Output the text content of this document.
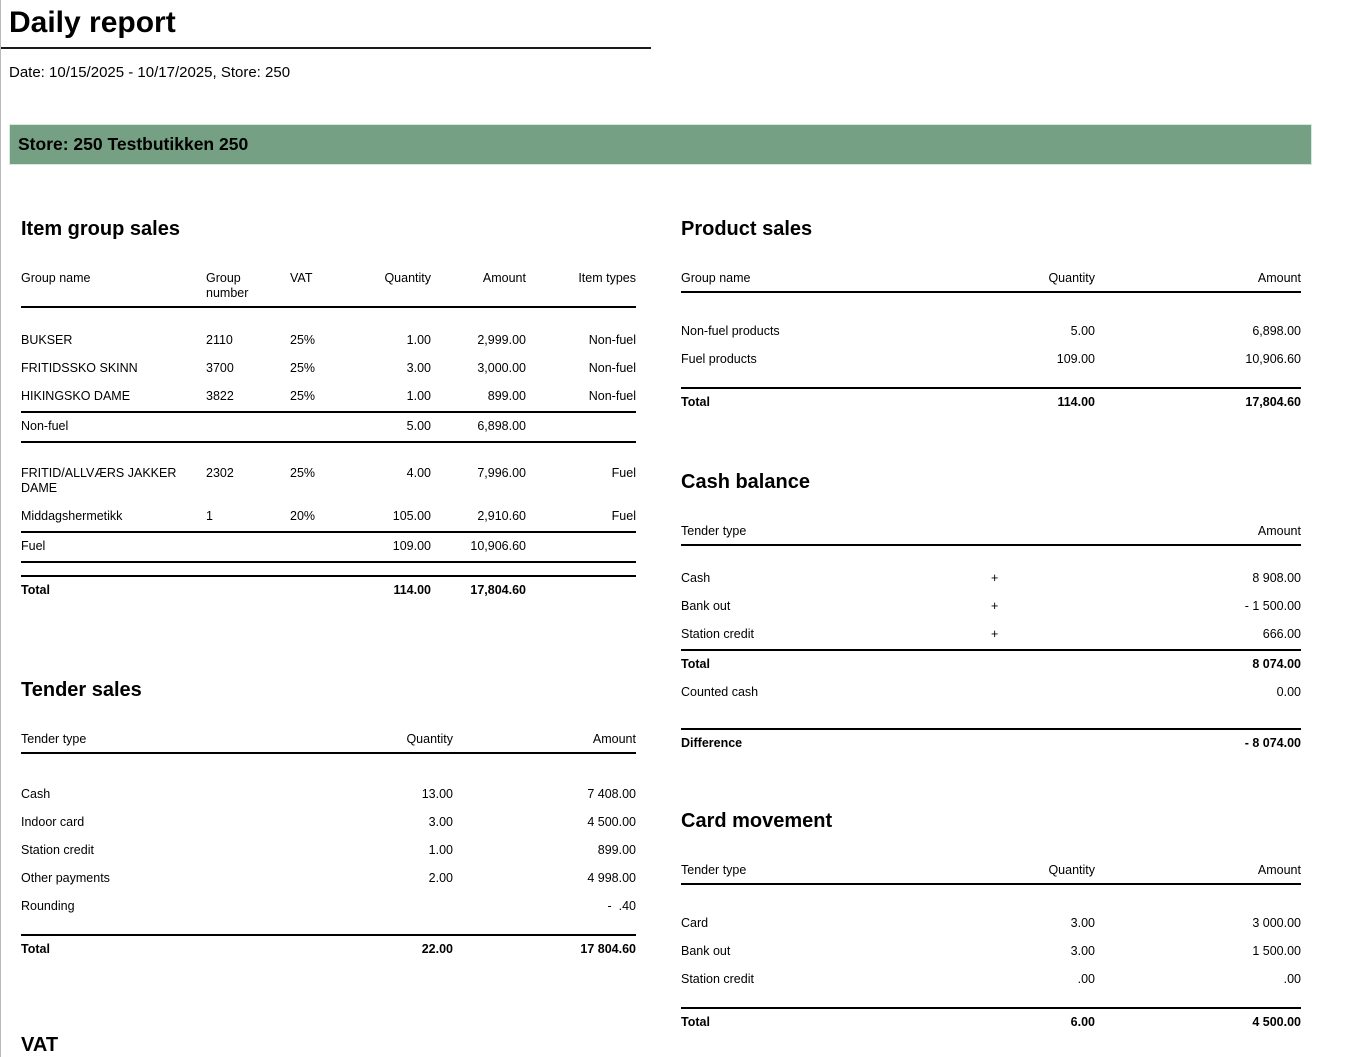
Daily report
Date: 10/15/2025 - 10/17/2025, Store: 250
Store: 250 Testbutikken 250
Item group sales
Group name	Group number	VAT	Quantity	Amount	Item types

BUKSER	2110	25%	1.00	2,999.00	Non-fuel
FRITIDSSKO SKINN	3700	25%	3.00	3,000.00	Non-fuel
HIKINGSKO DAME	3822	25%	1.00	899.00	Non-fuel
Non-fuel			5.00	6,898.00	

FRITID/ALLVÆRS JAKKER DAME	2302	25%	4.00	7,996.00	Fuel
Middagshermetikk	1	20%	105.00	2,910.60	Fuel
Fuel			109.00	10,906.60	

Total			114.00	17,804.60	
Tender sales
Tender type	Quantity	Amount

Cash	13.00	7 408.00
Indoor card	3.00	4 500.00
Station credit	1.00	899.00
Other payments	2.00	4 998.00
Rounding		-  .40

Total	22.00	17 804.60
VAT
Product sales
Group name	Quantity	Amount

Non-fuel products	5.00	6,898.00
Fuel products	109.00	10,906.60

Total	114.00	17,804.60
Cash balance
Tender type		Amount

Cash	+	8 908.00
Bank out	+	- 1 500.00
Station credit	+	666.00
Total		8 074.00
Counted cash		0.00

Difference		- 8 074.00
Card movement
Tender type	Quantity	Amount

Card	3.00	3 000.00
Bank out	3.00	1 500.00
Station credit	.00	.00

Total	6.00	4 500.00
